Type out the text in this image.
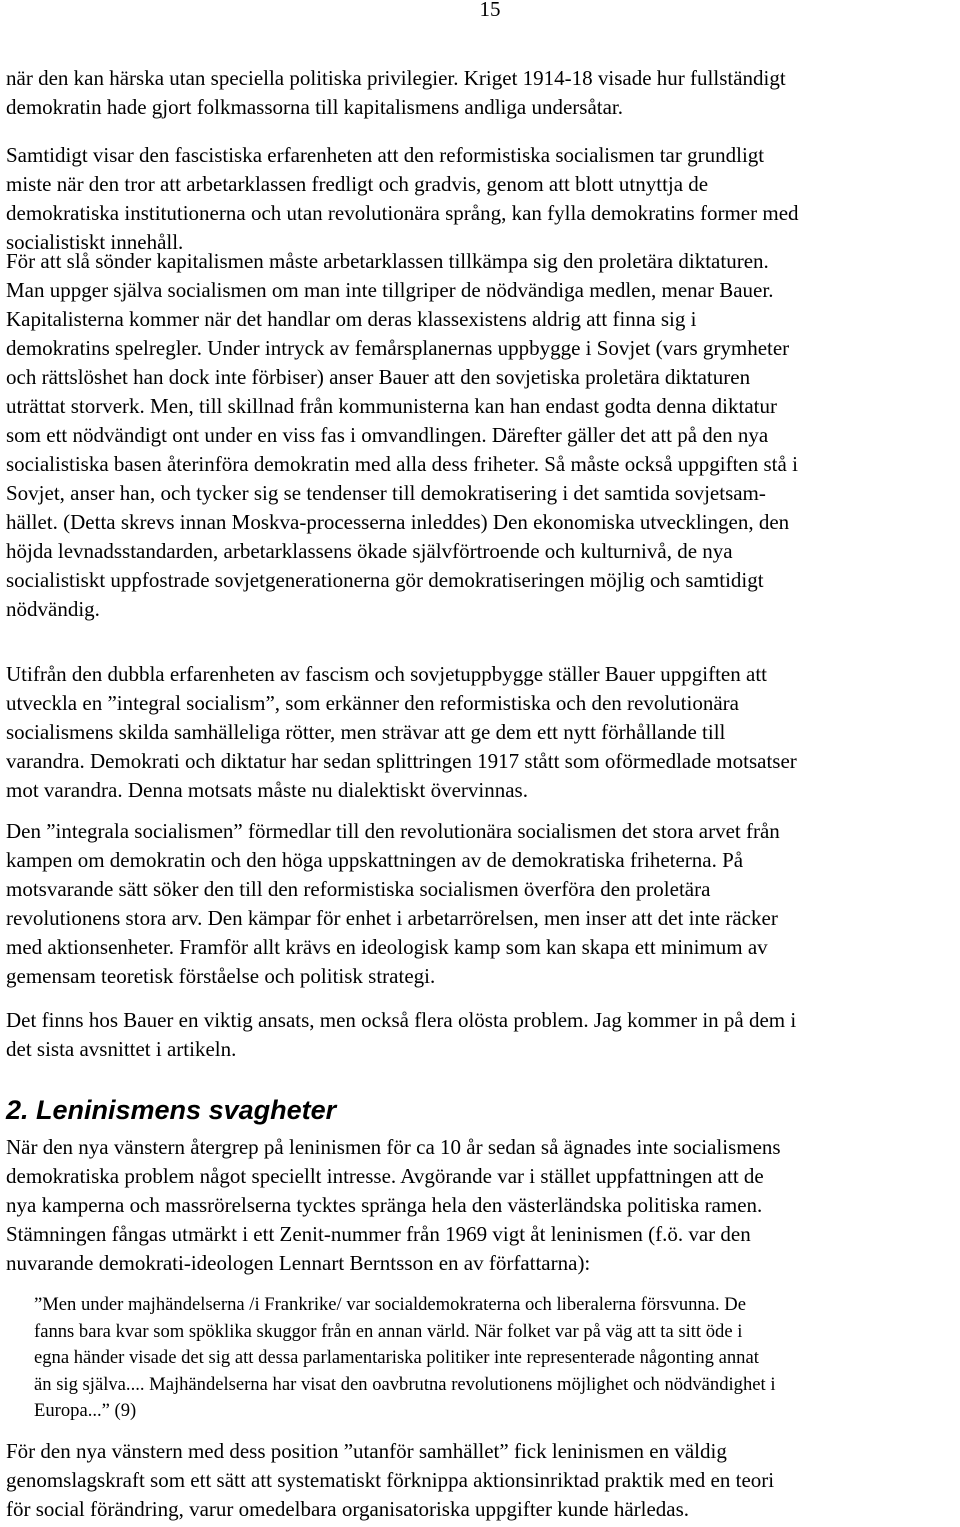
15

när den kan härska utan speciella politiska privilegier. Kriget 1914-18 visade hur fullständigt
demokratin hade gjort folkmassorna till kapitalismens andliga undersåtar.

Samtidigt visar den fascistiska erfarenheten att den reformistiska socialismen tar grundligt
miste när den tror att arbetarklassen fredligt och gradvis, genom att blott utnyttja de
demokratiska institutionerna och utan revolutionära språng, kan fylla demokratins former med
socialistiskt innehåll.

För att slå sönder kapitalismen måste arbetarklassen tillkämpa sig den proletära diktaturen.
Man uppger själva socialismen om man inte tillgriper de nödvändiga medlen, menar Bauer.
Kapitalisterna kommer när det handlar om deras klassexistens aldrig att finna sig i
demokratins spelregler. Under intryck av femårsplanernas uppbygge i Sovjet (vars grymheter
och rättslöshet han dock inte förbiser) anser Bauer att den sovjetiska proletära diktaturen
uträttat storverk. Men, till skillnad från kommunisterna kan han endast godta denna diktatur
som ett nödvändigt ont under en viss fas i omvandlingen. Därefter gäller det att på den nya
socialistiska basen återinföra demokratin med alla dess friheter. Så måste också uppgiften stå i
Sovjet, anser han, och tycker sig se tendenser till demokratisering i det samtida sovjetsam-
hället. (Detta skrevs innan Moskva-processerna inleddes) Den ekonomiska utvecklingen, den
höjda levnadsstandarden, arbetarklassens ökade självförtroende och kulturnivå, de nya
socialistiskt uppfostrade sovjetgenerationerna gör demokratiseringen möjlig och samtidigt
nödvändig.

Utifrån den dubbla erfarenheten av fascism och sovjetuppbygge ställer Bauer uppgiften att
utveckla en ”integral socialism”, som erkänner den reformistiska och den revolutionära
socialismens skilda samhälleliga rötter, men strävar att ge dem ett nytt förhållande till
varandra. Demokrati och diktatur har sedan splittringen 1917 stått som oförmedlade motsatser
mot varandra. Denna motsats måste nu dialektiskt övervinnas.

Den ”integrala socialismen” förmedlar till den revolutionära socialismen det stora arvet från
kampen om demokratin och den höga uppskattningen av de demokratiska friheterna. På
motsvarande sätt söker den till den reformistiska socialismen överföra den proletära
revolutionens stora arv. Den kämpar för enhet i arbetarrörelsen, men inser att det inte räcker
med aktionsenheter. Framför allt krävs en ideologisk kamp som kan skapa ett minimum av
gemensam teoretisk förståelse och politisk strategi.

Det finns hos Bauer en viktig ansats, men också flera olösta problem. Jag kommer in på dem i
det sista avsnittet i artikeln.

2. Leninismens svagheter

När den nya vänstern återgrep på leninismen för ca 10 år sedan så ägnades inte socialismens
demokratiska problem något speciellt intresse. Avgörande var i stället uppfattningen att de
nya kamperna och massrörelserna tycktes spränga hela den västerländska politiska ramen.
Stämningen fångas utmärkt i ett Zenit-nummer från 1969 vigt åt leninismen (f.ö. var den
nuvarande demokrati-ideologen Lennart Berntsson en av författarna):

”Men under majhändelserna /i Frankrike/ var socialdemokraterna och liberalerna försvunna. De
fanns bara kvar som spöklika skuggor från en annan värld. När folket var på väg att ta sitt öde i
egna händer visade det sig att dessa parlamentariska politiker inte representerade någonting annat
än sig själva.... Majhändelserna har visat den oavbrutna revolutionens möjlighet och nödvändighet i
Europa...” (9)

För den nya vänstern med dess position ”utanför samhället” fick leninismen en väldig
genomslagskraft som ett sätt att systematiskt förknippa aktionsinriktad praktik med en teori
för social förändring, varur omedelbara organisatoriska uppgifter kunde härledas.
